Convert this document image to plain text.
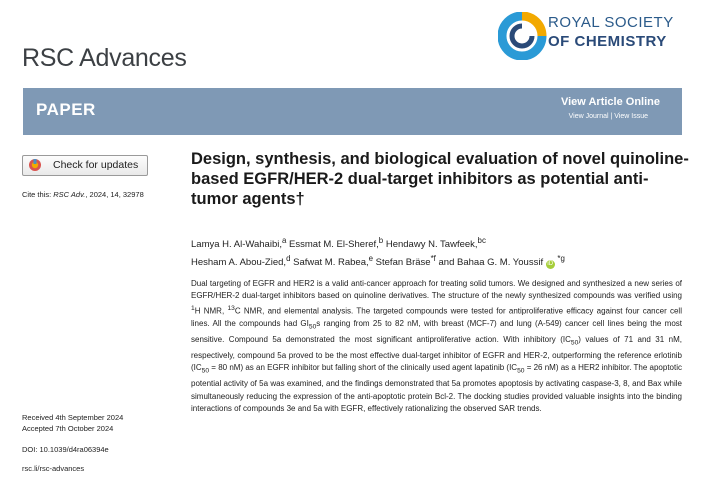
RSC Advances
ROYAL SOCIETY
OF CHEMISTRY
PAPER	View Article Online
View Journal | View Issue
Check for updates
Cite this: RSC Adv., 2024, 14, 32978
Design, synthesis, and biological evaluation of novel quinoline-based EGFR/HER-2 dual-target inhibitors as potential anti-tumor agents†
Lamya H. Al-Wahaibi,$^a$ Essmat M. El-Sheref,$^b$ Hendawy N. Tawfeek,$^{bc}$
Hesham A. Abou-Zied,$^d$ Safwat M. Rabea,$^e$ Stefan Bräse$^{*f}$ and Bahaa G. M. Youssif iD $^{*g}$
Dual targeting of EGFR and HER2 is a valid anti-cancer approach for treating solid tumors. We designed and synthesized a new series of EGFR/HER-2 dual-target inhibitors based on quinoline derivatives. The structure of the newly synthesized compounds was verified using $^1$H NMR, $^{13}$C NMR, and elemental analysis. The targeted compounds were tested for antiproliferative efficacy against four cancer cell lines. All the compounds had $GI_{50}s$ ranging from 25 to 82 nM, with breast (MCF-7) and lung (A-549) cancer cell lines being the most sensitive. Compound 5a demonstrated the most significant antiproliferative action. With inhibitory $(IC_{50})$ values of 71 and 31 nM, respectively, compound 5a proved to be the most effective dual-target inhibitor of EGFR and HER-2, outperforming the reference erlotinib ($IC_{50} = 80$ nM) as an EGFR inhibitor but falling short of the clinically used agent lapatinib ($IC_{50} = 26$ nM) as a HER2 inhibitor. The apoptotic potential activity of 5a was examined, and the findings demonstrated that 5a promotes apoptosis by activating caspase-3, 8, and Bax while simultaneously reducing the expression of the anti-apoptotic protein Bcl-2. The docking studies provided valuable insights into the binding interactions of compounds 3e and 5a with EGFR, effectively rationalizing the observed SAR trends.
Received 4th September 2024
Accepted 7th October 2024
DOI: 10.1039/d4ra06394e
rsc.li/rsc-advances
